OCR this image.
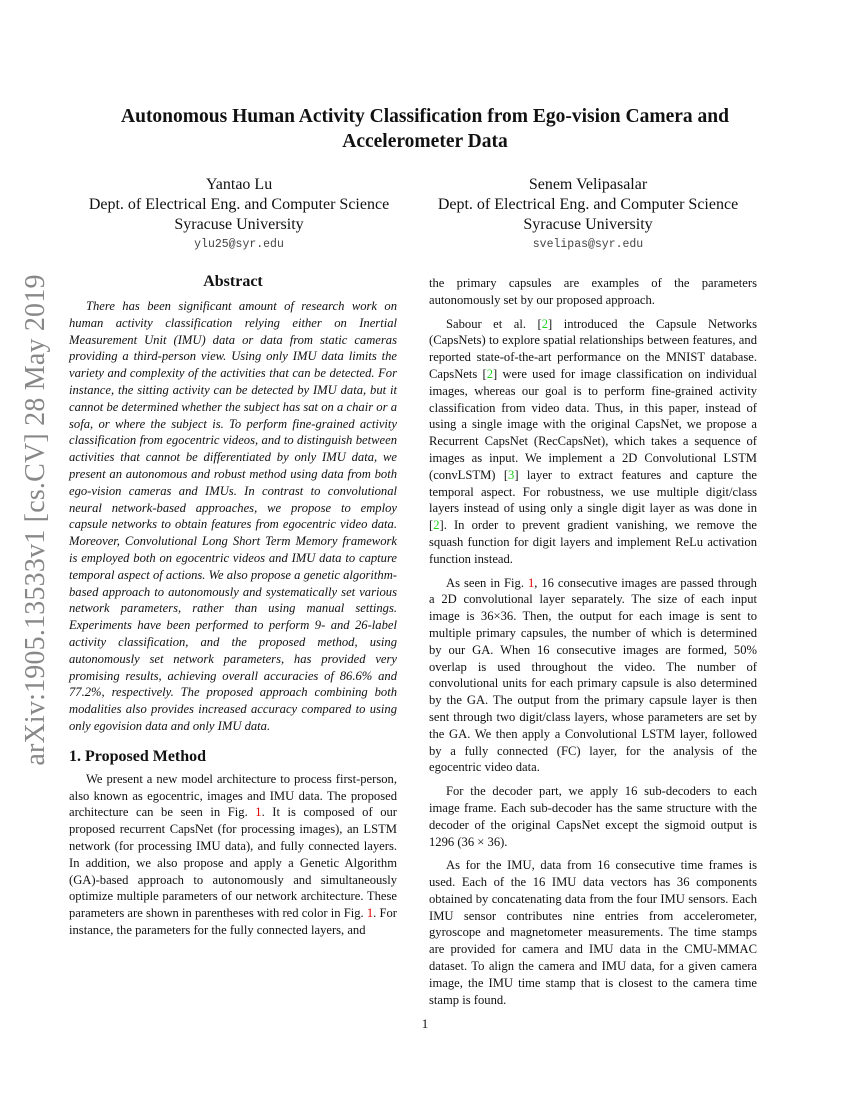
Autonomous Human Activity Classification from Ego-vision Camera and Accelerometer Data
Yantao Lu
Dept. of Electrical Eng. and Computer Science
Syracuse University
ylu25@syr.edu
Senem Velipasalar
Dept. of Electrical Eng. and Computer Science
Syracuse University
svelipas@syr.edu
arXiv:1905.13533v1 [cs.CV] 28 May 2019	Abstract

There has been significant amount of research work on human activity classification relying either on Inertial Measurement Unit (IMU) data or data from static cameras providing a third-person view. Using only IMU data limits the variety and complexity of the activities that can be detected. For instance, the sitting activity can be detected by IMU data, but it cannot be determined whether the subject has sat on a chair or a sofa, or where the subject is. To perform fine-grained activity classification from egocentric videos, and to distinguish between activities that cannot be differentiated by only IMU data, we present an autonomous and robust method using data from both ego-vision cameras and IMUs. In contrast to convolutional neural network-based approaches, we propose to employ capsule networks to obtain features from egocentric video data. Moreover, Convolutional Long Short Term Memory framework is employed both on egocentric videos and IMU data to capture temporal aspect of actions. We also propose a genetic algorithm-based approach to autonomously and systematically set various network parameters, rather than using manual settings. Experiments have been performed to perform 9- and 26-label activity classification, and the proposed method, using autonomously set network parameters, has provided very promising results, achieving overall accuracies of 86.6% and 77.2%, respectively. The proposed approach combining both modalities also provides increased accuracy compared to using only egovision data and only IMU data.

1. Proposed Method

We present a new model architecture to process first-person, also known as egocentric, images and IMU data. The proposed architecture can be seen in Fig. 1. It is composed of our proposed recurrent CapsNet (for processing images), an LSTM network (for processing IMU data), and fully connected layers. In addition, we also propose and apply a Genetic Algorithm (GA)-based approach to autonomously and simultaneously optimize multiple parameters of our network architecture. These parameters are shown in parentheses with red color in Fig. 1. For instance, the parameters for the fully connected layers, and

the primary capsules are examples of the parameters autonomously set by our proposed approach.

Sabour et al. [2] introduced the Capsule Networks (CapsNets) to explore spatial relationships between features, and reported state-of-the-art performance on the MNIST database. CapsNets [2] were used for image classification on individual images, whereas our goal is to perform fine-grained activity classification from video data. Thus, in this paper, instead of using a single image with the original CapsNet, we propose a Recurrent CapsNet (RecCapsNet), which takes a sequence of images as input. We implement a 2D Convolutional LSTM (convLSTM) [3] layer to extract features and capture the temporal aspect. For robustness, we use multiple digit/class layers instead of using only a single digit layer as was done in [2]. In order to prevent gradient vanishing, we remove the squash function for digit layers and implement ReLu activation function instead.

As seen in Fig. 1, 16 consecutive images are passed through a 2D convolutional layer separately. The size of each input image is 36×36. Then, the output for each image is sent to multiple primary capsules, the number of which is determined by our GA. When 16 consecutive images are formed, 50% overlap is used throughout the video. The number of convolutional units for each primary capsule is also determined by the GA. The output from the primary capsule layer is then sent through two digit/class layers, whose parameters are set by the GA. We then apply a Convolutional LSTM layer, followed by a fully connected (FC) layer, for the analysis of the egocentric video data.

For the decoder part, we apply 16 sub-decoders to each image frame. Each sub-decoder has the same structure with the decoder of the original CapsNet except the sigmoid output is 1296 (36 × 36).

As for the IMU, data from 16 consecutive time frames is used. Each of the 16 IMU data vectors has 36 components obtained by concatenating data from the four IMU sensors. Each IMU sensor contributes nine entries from accelerometer, gyroscope and magnetometer measurements. The time stamps are provided for camera and IMU data in the CMU-MMAC dataset. To align the camera and IMU data, for a given camera image, the IMU time stamp that is closest to the camera time stamp is found.

1
